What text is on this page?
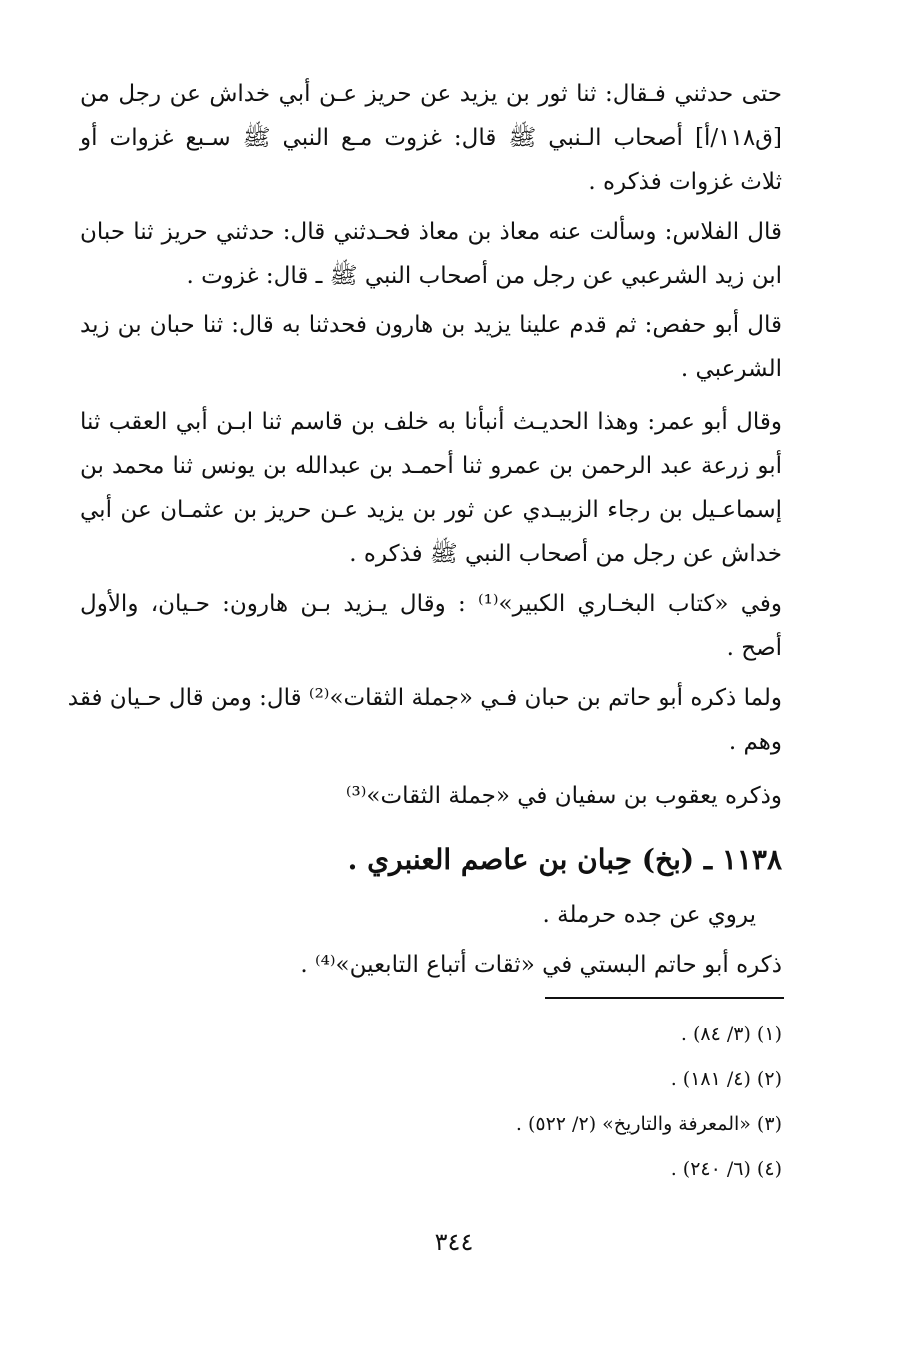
حتى حدثني فـقال: ثنا ثور بن يزيد عن حريز عـن أبي خداش عن رجل من
[ق١١٨/أ] أصحاب الـنبي ﷺ قال: غزوت مـع النبي ﷺ سـبع غزوات أو
ثلاث غزوات فذكره .
قال الفلاس: وسألت عنه معاذ بن معاذ فحـدثني قال: حدثني حريز ثنا حبان
ابن زيد الشرعبي عن رجل من أصحاب النبي ﷺ ـ قال: غزوت .
قال أبو حفص: ثم قدم علينا يزيد بن هارون فحدثنا به قال: ثنا حبان بن زيد
الشرعبي .
وقال أبو عمر: وهذا الحديـث أنبأنا به خلف بن قاسم ثنا ابـن أبي العقب ثنا
أبو زرعة عبد الرحمن بن عمرو ثنا أحمـد بن عبدالله بن يونس ثنا محمد بن
إسماعـيل بن رجاء الزبيـدي عن ثور بن يزيد عـن حريز بن عثمـان عن أبي
خداش عن رجل من أصحاب النبي ﷺ فذكره .
وفي «كتاب البخـاري الكبير»⁽¹⁾ : وقال يـزيد بـن هارون: حـيان، والأول
أصح .
ولما ذكره أبو حاتم بن حبان فـي «جملة الثقات»⁽²⁾ قال: ومن قال حـيان فقد
وهم .
وذكره يعقوب بن سفيان في «جملة الثقات»⁽³⁾
١١٣٨ ـ (بخ) حِبان بن عاصم العنبري .
يروي عن جده حرملة .
ذكره أبو حاتم البستي في «ثقات أتباع التابعين»⁽⁴⁾ .
(١) (٣/ ٨٤) .
(٢) (٤/ ١٨١) .
(٣) «المعرفة والتاريخ» (٢/ ٥٢٢) .
(٤) (٦/ ٢٤٠) .
٣٤٤
